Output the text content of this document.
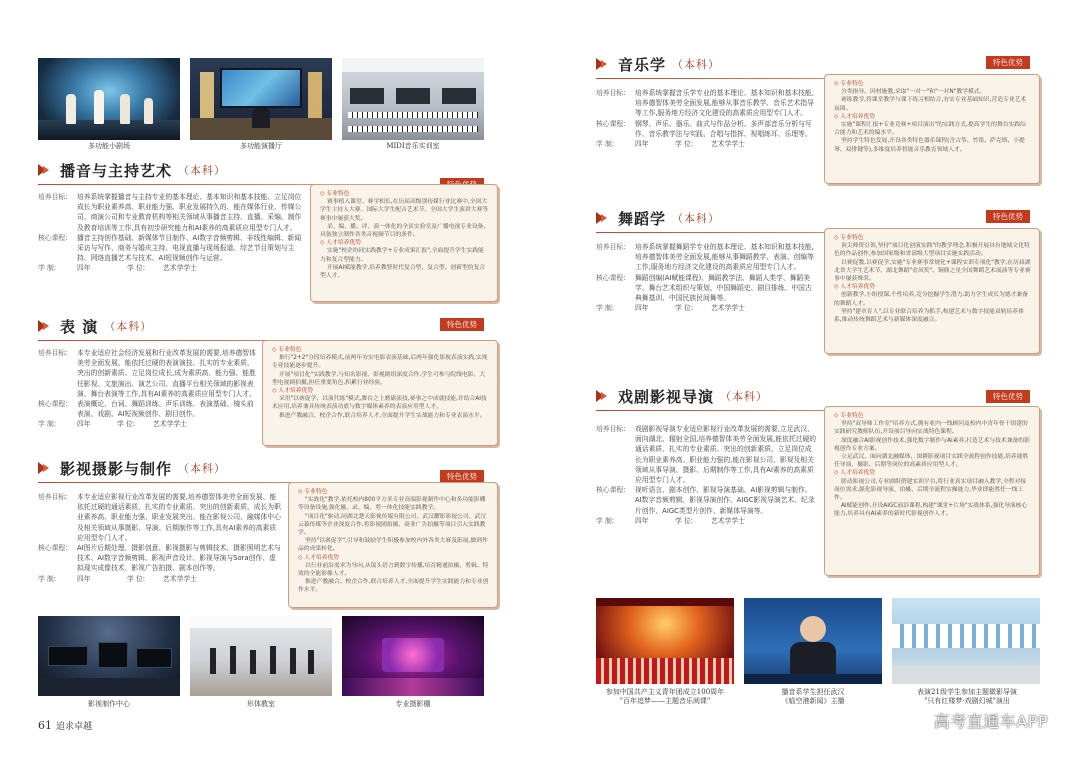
多功能小剧场	多功能演播厅	MIDI音乐实训室
播音与主持艺术 （本科）
培养目标:	培养系统掌握播音与主持专业的基本理论、基本知识和基本技能、立足岗位成长为职业素养高、职业能力强、职业发展持久的、能在媒体行业、传媒公司、商演公司和专业教育机构等相关领域从事播音主持、直播、采编、制作及教育培训等工作,具有初步研究能力和AI素养的高素质应用型专门人才。
核心课程:	播音主持创作基础、新媒体节目制作、AI数字音频剪辑、非线性编辑、新闻采访与写作、商务与婚庆主持、电视直播与现场报道、综艺节目策划与主持、网络直播艺术与技术、AI短视频创作与运营。
学 制:	四年	学 位:	艺术学学士
◇ 专业特色
赛事植入课堂、赛学相长,在历届高级别传媒行业比赛中,全国大学生主持人大赛、国际大学生配音艺术节、全国大学生演讲大赛等赛事中屡获大奖。
采、编、播、评、演一体化的全景实验室及广播电视专业设备,具备独立制作各类音视频节目的条件。
◇ 人才培养优势
实施"校企协同实践教学+专业成果汇报",全面提升学生实践能力和复合型能力。
开展AI赋能教学,培养教智时代复合型、复合型、创新型的复合型人才。
表 演 （本科）	特色优势
培养目标:	本专业适应社会经济发展和行业改革发展的需要,培养德智体美劳全面发展、能依托过硬的表演演技、扎实的专业素质、突出的创新素质、立足岗位成长,成为素质高、能力强、能胜任影视、文旅演出、演艺公司、直播平台相关领域的影视表演、舞台表演等工作,具有AI素养的高素质应用型专门人才。
核心课程:	表演概论、台词、舞蹈训练、声乐训练、表演基础、镜头前表演、戏剧、AI短视频创作、剧目创作。
学 制:	四年	学 位:	艺术学学士
◇ 专业特色
推行"2+2"分段培养模式,前两年夯实电影表演基础,后两年强化影视表演实践,实现专业技能逐步提升。
开展"项目化"实践教学,与知名影视、影视剧组深度合作,学生可参与院线电影、大型电视剧拍摄,担任重要角色,积累行业经验。
◇ 人才培养优势
采用"以赛促学、以演代练"模式,舞台之上磨砺演技,赛事之中成就技能,并结合AI技术应用,培养兼具传统表演功底与数字媒体素养的表演应用型人才。
推进产教融合、校企合作,联合培养人才,全面提升学生实战能力和专业表演水平。
影视摄影与制作 （本科）
特色优势
培养目标:	本专业适应影视行业改革发展的需要,培养德智体美劳全面发展、能依托过硬的通话素质、扎实的专业素质、突出的创新素质、成长为职业素养高、职业能力强、职业发展突出、能在影视公司、融媒体中心及相关领域从事摄影、导演、后期制作等工作,具有AI素养的高素质应用型专门人才。
核心课程:	AI图片后期处理、摄影创意、影视摄影与剪辑技术、摄影照明艺术与技术、AI数字音频剪辑、影视声音设计、影视导演与Sora创作、虚拟现实成像技术、影视广告拍摄、剧本创作等。
学 制:	四年	学 位:	艺术学学士
◇ 专业特色
"实战化"教学,依托校内800平方米专业高端影视制作中心和多功能影棚等设备设施,强化摄、录、编、剪一体化技能实践教学。
"项目化"驱动,同湖北楚天影视传媒有限公司、武汉耀影影视公司、武汉云幕传媒等企业深度合作,将影视剧拍摄、商业广告拍摄等项目引入实践教学。
坚持"以赛促学",引导和鼓励学生积极参加校内外各类大赛及影展,做到作品的成果转化。
◇ 人才培养优势
以行业前沿需求为导向,从镜头语言到数字传播,培育精通拍摄、剪辑、特效的全能影像人才。
推进产教融合、校企合作,联合培养人才,全面提升学生实践能力和专业创作水平。
影视制作中心	形体教室	专业摄影棚
61 追求卓越
音乐学 （本科）	特色优势
培养目标:	培养系统掌握音乐学专业的基本理论、基本知识和基本技能,培养德智体美劳全面发展,能够从事音乐教学、音乐艺术指导等工作,服务地方经济文化建设的高素质应用型专门人才。
核心课程:	钢琴、声乐、器乐、曲式与作品分析、多声部音乐分析与写作、音乐教学法与实践、合唱与指挥、视唱练耳、乐理等。
学 制:	四年	学 位:	艺术学学士
◇ 专业特色
分类指导、因材施教,采取"一对一"和"一对N"教学模式。
赛练教学,将课堂教学与课下练习相结合,夯实专业基础知识,营造专业艺术氛围。
◇ 人才培养优势
实施"课程汇报+专业竞赛+项目演出"的实践方式,提高学生的舞台实践综合能力和艺术的编水平。
坚持学生特色发展,开设各类特色器乐课程(含古筝、竹笛、萨克斯、小提琴、双排键等),多维度培养智能音乐教育领域人才。
舞蹈学 （本科）	特色优势
培养目标:	培养系统掌握舞蹈学专业的基本理论、基本知识和基本技能,培养德智体美劳全面发展,能够从事舞蹈教学、表演、创编等工作,服务地方经济文化建设的高素质应用型专门人才。
核心课程:	舞蹈创编(AI赋能课程)、舞蹈教学法、舞蹈人类学、舞蹈美学、舞台艺术组织与策划、中国舞蹈史、剧目排练、中国古典舞基训、中国民族民间舞等。
学 制:	四年	学 位:	艺术学学士
◇ 专业特色
顶尖师资引领,坚持"项目化创演实践"的教学理念,积极开展具有地域文化特色的作品创作,参加国家级和省部级大型项目实施实践活动。
以赛促教,以赛促学,实施"专业赛事常规化+课程实训专项化"教学,在历届湖北省大学生艺术节、湖北舞蹈"金凤奖"、铜鼎之星全国舞蹈艺术展演等专业赛事中屡获殊荣。
◇ 人才培养优势
创新教学,小组授课,个性培养,竞分挖掘学生潜力,助力学生成长为德才兼备的舞蹈人才。
坚持"建章育人",以专业联合培养为抓手,构建艺术与数字技能双轨培养体系,推动传统舞蹈艺术与新媒体深度融合。
戏剧影视导演 （本科）	特色优势
培养目标:	戏剧影视导演专业适应影视行业改革发展的需要,立足武汉、面向湖北、辐射全国,培养德智体美劳全面发展,能依托过硬的通话素质、扎实的专业素质、突出的创新素质、立足岗位成长为职业素养高、职业能力强的,能在影视公司、影视及相关领域从事导演、摄影、后期制作等工作,具有AI素养的高素质应用型专门人才。
核心课程:	视听语言、剧本创作、影视导演基础、AI影视剪辑与制作、AI数字音频剪辑、影视导演创作、AIGC影视导演艺术、纪录片创作、AIGC类型片创作、新媒体导演等。
学 制:	四年	学 位:	艺术学学士
◇ 专业特色
坚持"双导师工作室"培养方式,拥有业内一线顾问及校内中青年骨干组建的实践研究教师队伍,开设项目导向实战特色课程。
深度融合AI影视创作技术,强化数字制作与AI素养,打造艺术与技术兼备的影视创作专业方案。
立足武汉、面向湖北融媒体、深耕影视项目实践全流程创作技能,培养能胜任导演、摄影、后期等岗位的高素质应用型人才。
◇ 人才培养优势
联动影视公司,专业剧组搭建实训平台,将行业真实项目融入教学,全程对接岗位需求,强化影视导演、拍摄、后期全流程实操能力,毕业即能胜任一线工作。
AI赋能创作,开设AIGC前沿课程,构建"课堂+片场"实战体系,强化导演核心能力,培养具有AI素养的新时代影视创作人才。
参加中国共产主义青年团成立100周年
"百年追梦——主题音乐阅课"
播音系学生担任武汉
《临空港新闻》主播
表演21级学生参加主题微影导演
"只有红楼梦·戏剧幻城"演出
高考直通车APP
